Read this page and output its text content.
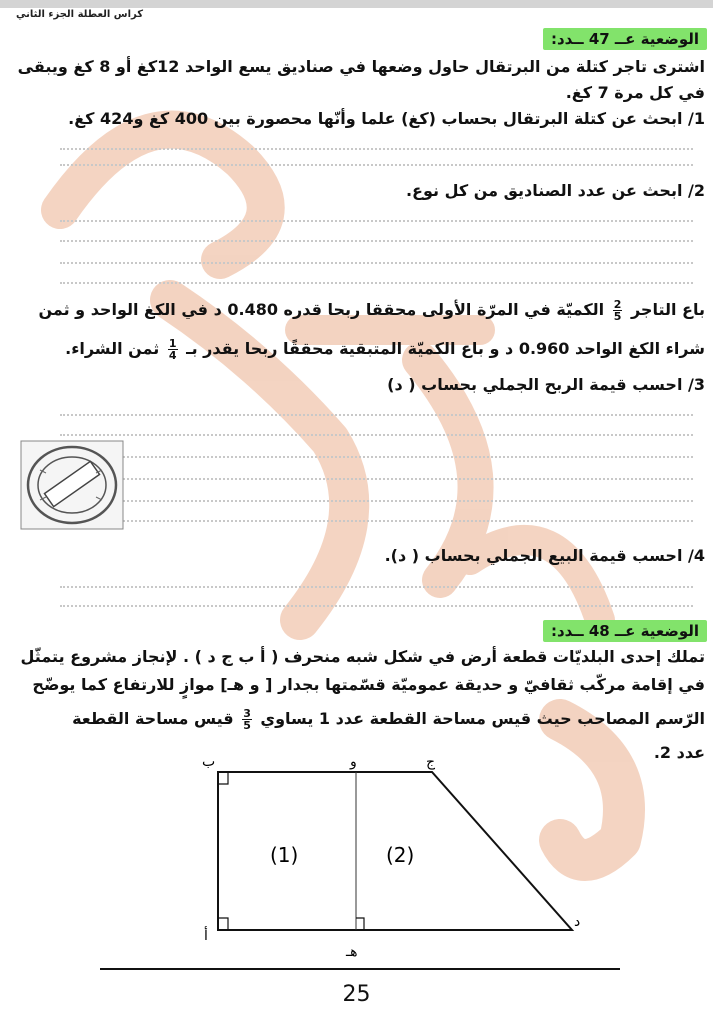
كراس العطلة الجزء الثاني
الوضعية عــ 47 ــدد:
اشترى تاجر كتلة من البرتقال حاول وضعها في صناديق يسع الواحد 12كغ أو 8 كغ ويبقى
في كل مرة 7 كغ.
1/ ابحث عن كتلة البرتقال بحساب (كغ) علما وأنّها محصورة بين 400 كغ و424 كغ.
2/ ابحث عن عدد الصناديق من كل نوع.
باع التاجر
$\frac{2}{5}$
الكميّة في المرّة الأولى محققا ربحا قدره 0.480 د في الكغ الواحد و ثمن
شراء الكغ الواحد 0.960 د و باع الكميّة المتبقية محققًا ربحا يقدر بـ
$\frac{1}{4}$
ثمن الشراء.
3/ احسب قيمة الربح الجملي بحساب ( د)
4/ احسب قيمة البيع الجملي بحساب ( د).
الوضعية عــ 48 ــدد:
تملك إحدى البلديّات قطعة أرض في شكل شبه منحرف ( أ ب ج د ) . لإنجاز مشروع يتمثّل
في إقامة مركّب ثقافيّ و حديقة عموميّة قسّمتها بجدار [ و هـ] موازٍ للارتفاع كما يوضّح
الرّسم المصاحب حيث قيس مساحة القطعة عدد 1 يساوي
$\frac{3}{5}$
قيس مساحة القطعة
عدد 2.
ب	و	ج
أ
د
هـ
(1)	(2)
25
